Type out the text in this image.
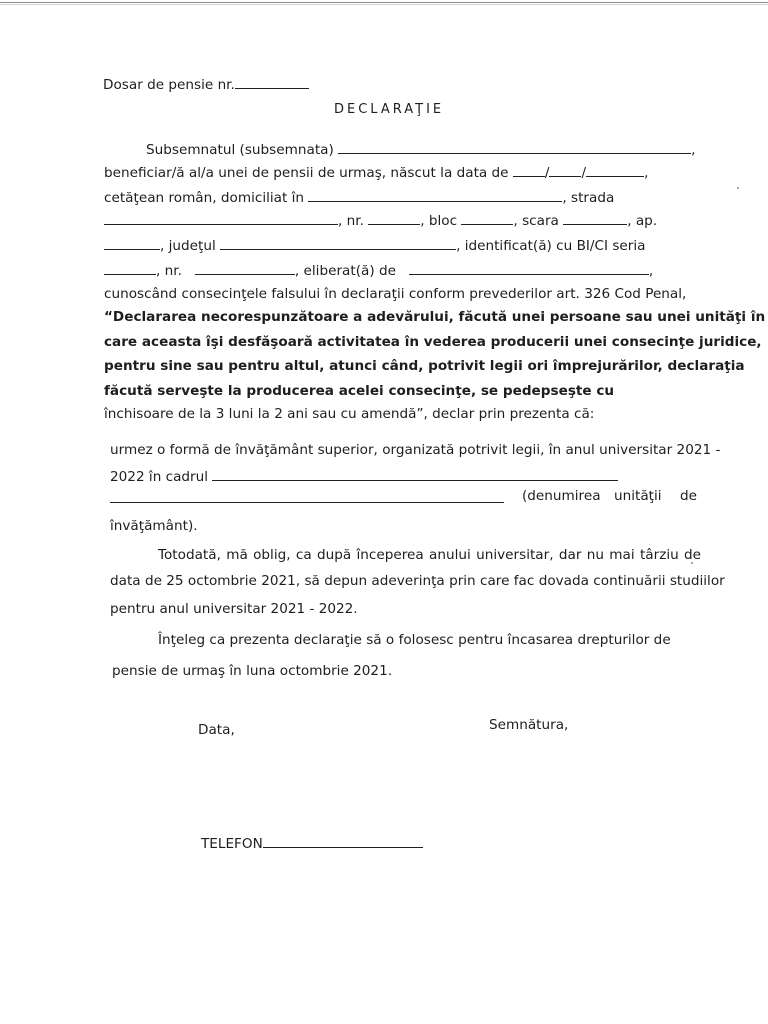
Dosar de pensie nr.
DECLARAŢIE
Subsemnatul (subsemnata)	,
beneficiar/ă al/a unei de pensii de urmaş, născut la data de	/ /	,
cetăţean român, domiciliat în	, strada
, nr.	, bloc	, scara	, ap.
, judeţul	, identificat(ă) cu BI/CI seria
, nr.	, eliberat(ă) de	,
cunoscând consecinţele falsului în declaraţii conform prevederilor art. 326 Cod Penal,
“Declararea necorespunzătoare a adevărului, făcută unei persoane sau unei unităţi în
care aceasta îşi desfăşoară activitatea în vederea producerii unei consecinţe juridice,
pentru sine sau pentru altul, atunci când, potrivit legii ori împrejurărilor, declaraţia
făcută serveşte la producerea acelei consecinţe, se pedepseşte cu
închisoare de la 3 luni la 2 ani sau cu amendă”, declar prin prezenta că:
urmez o formă de învăţământ superior, organizată potrivit legii, în anul universitar 2021 -
2022 în cadrul
(denumirea unităţii de
învăţământ).
Totodată, mă oblig, ca după începerea anului universitar, dar nu mai târziu de
data de 25 octombrie 2021, să depun adeverinţa prin care fac dovada continuării studiilor
pentru anul universitar 2021 - 2022.
Înţeleg ca prezenta declaraţie să o folosesc pentru încasarea drepturilor de
pensie de urmaş în luna octombrie 2021.
Data,	Semnătura,
TELEFON
